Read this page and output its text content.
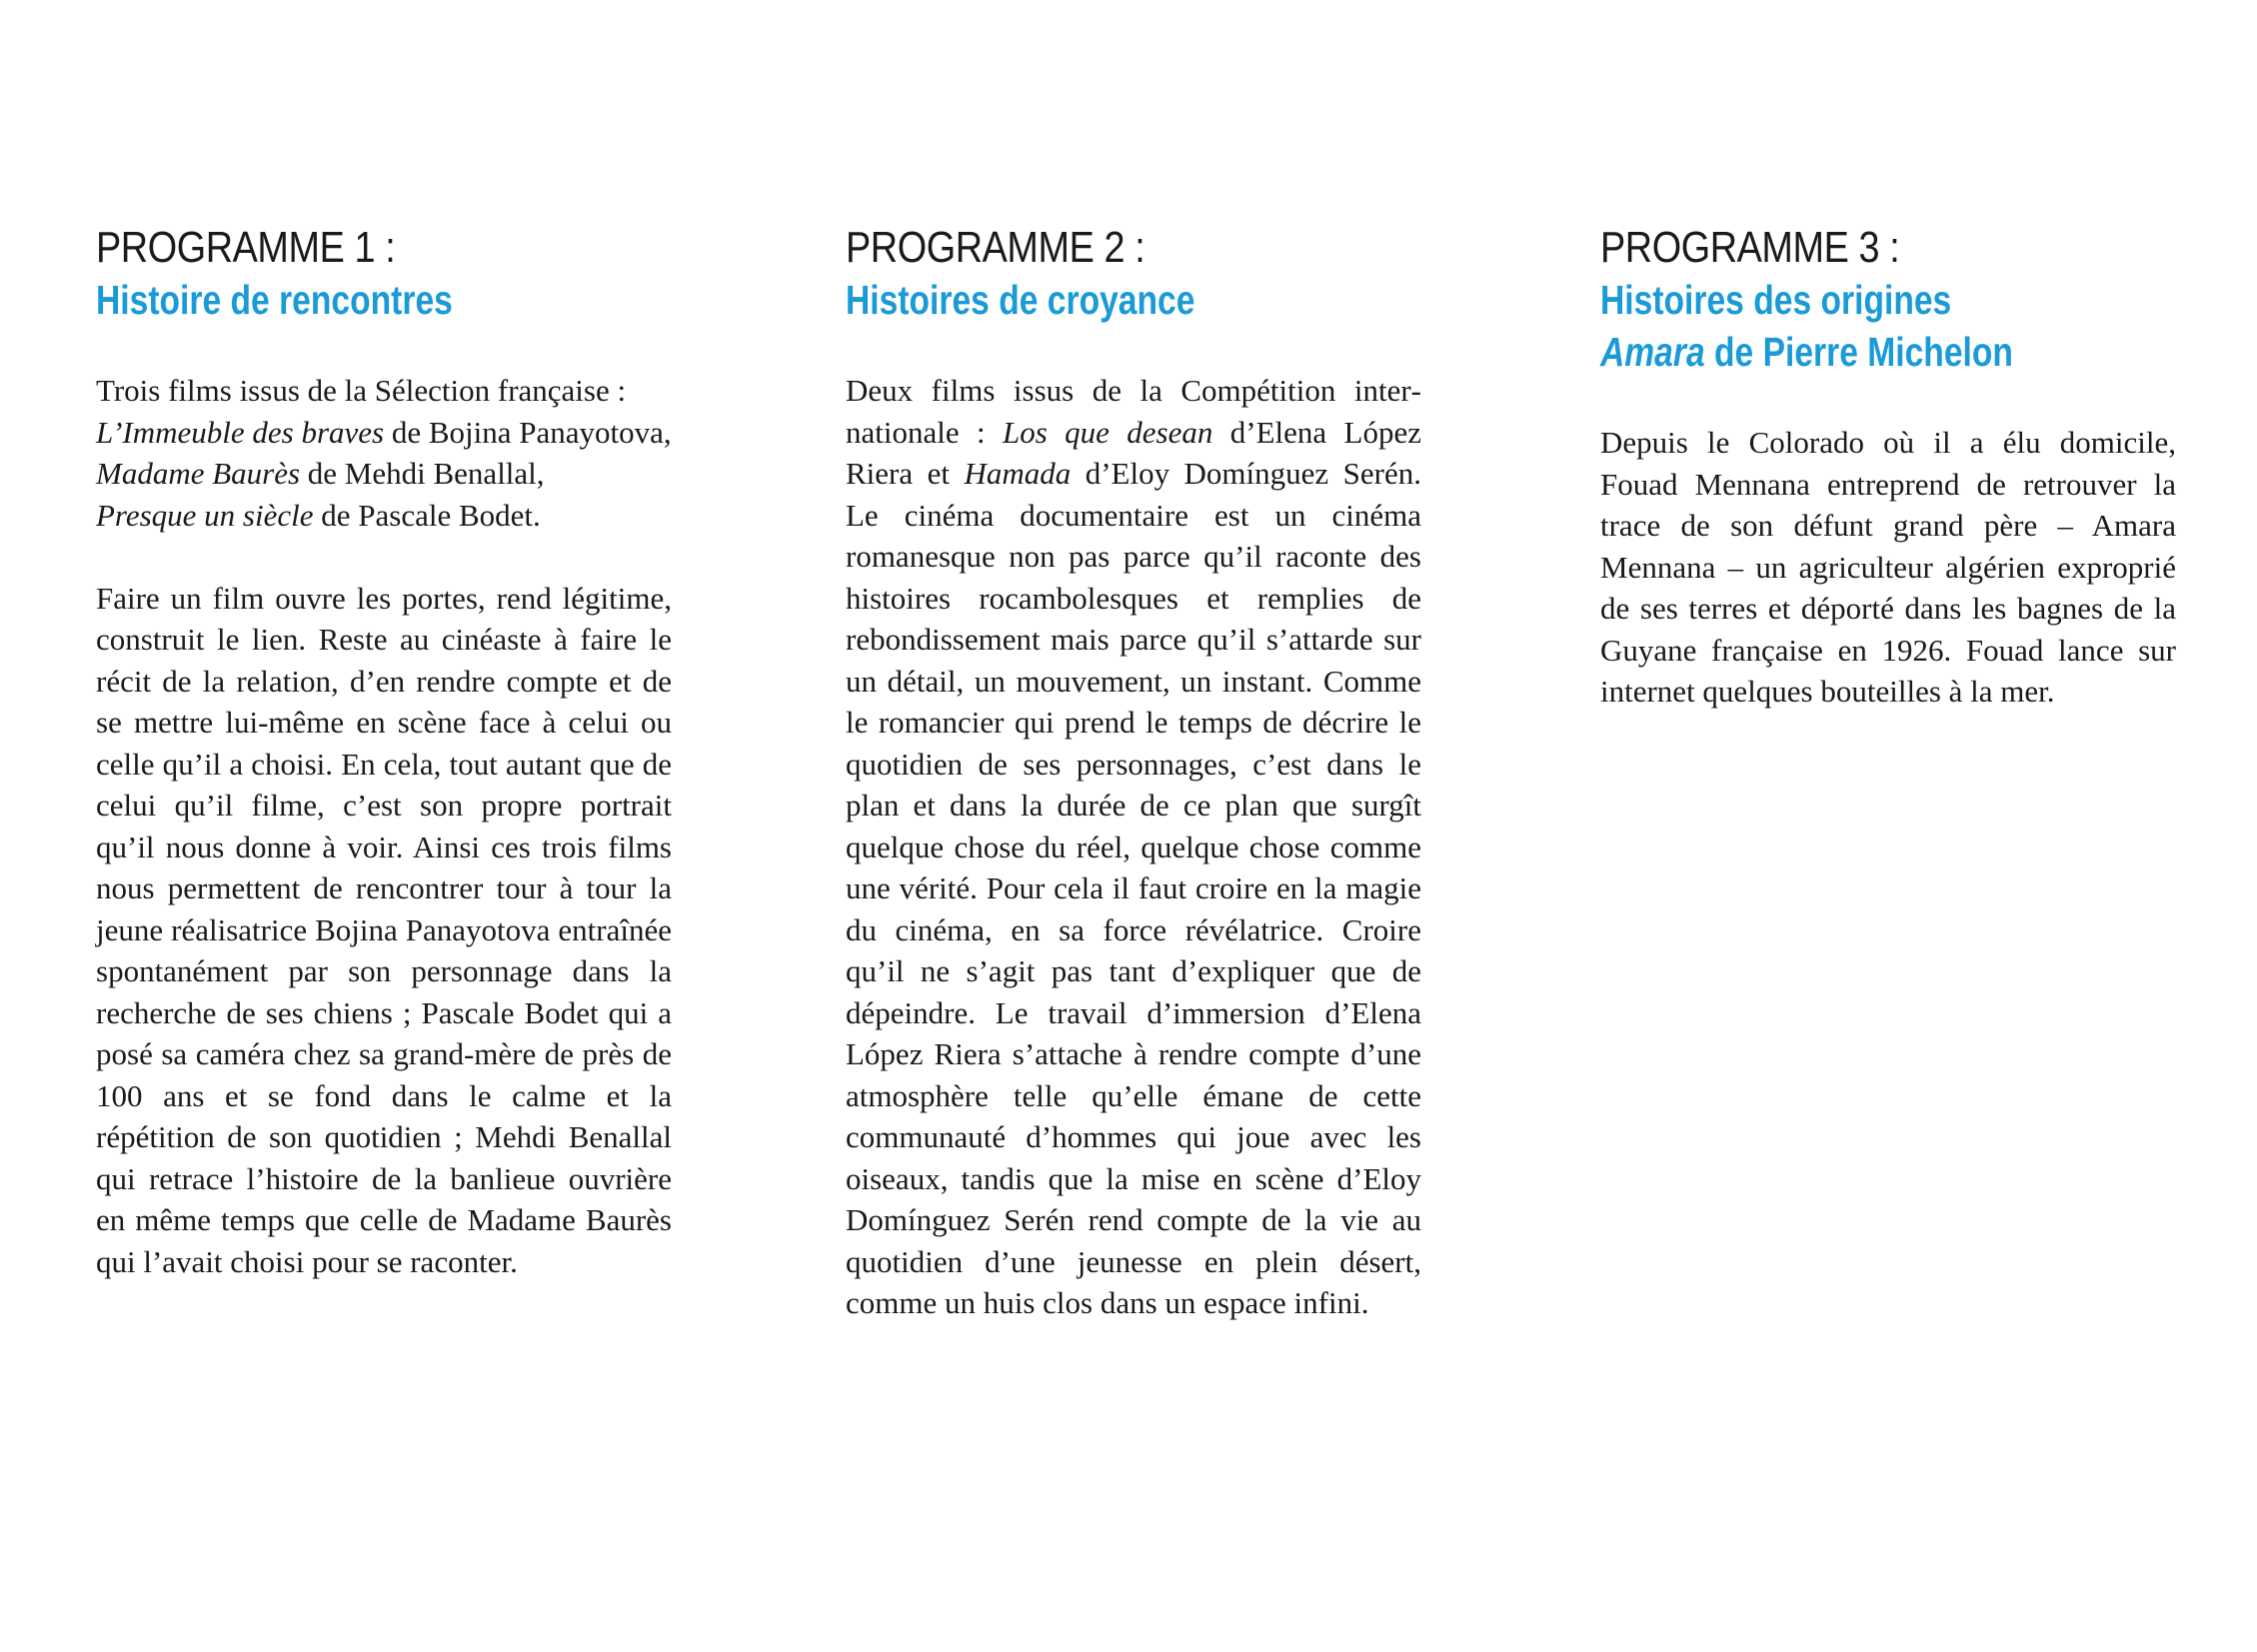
PROGRAMME 1 :
Histoire de rencontres

Trois films issus de la Sélection française :
L’Immeuble des braves de Bojina Panayotova,
Madame Baurès de Mehdi Benallal,
Presque un siècle de Pascale Bodet.

Faire un film ouvre les portes, rend légitime, construit le lien. Reste au cinéaste à faire le récit de la relation, d’en rendre compte et de se mettre lui-même en scène face à celui ou celle qu’il a choisi. En cela, tout autant que de celui qu’il filme, c’est son propre portrait qu’il nous donne à voir. Ainsi ces trois films nous permettent de rencontrer tour à tour la jeune réalisatrice Bojina Panayotova entraînée spontanément par son personnage dans la recherche de ses chiens ; Pascale Bodet qui a posé sa caméra chez sa grand-mère de près de 100 ans et se fond dans le calme et la répétition de son quotidien ; Mehdi Benallal qui retrace l’histoire de la banlieue ouvrière en même temps que celle de Madame Baurès qui l’avait choisi pour se raconter.

PROGRAMME 2 :
Histoires de croyance

Deux films issus de la Compétition internationale : Los que desean d’Elena López Riera et Hamada d’Eloy Domínguez Serén. Le cinéma documentaire est un cinéma romanesque non pas parce qu’il raconte des histoires rocambolesques et remplies de rebondissement mais parce qu’il s’attarde sur un détail, un mouvement, un instant. Comme le romancier qui prend le temps de décrire le quotidien de ses personnages, c’est dans le plan et dans la durée de ce plan que surgît quelque chose du réel, quelque chose comme une vérité. Pour cela il faut croire en la magie du cinéma, en sa force révélatrice. Croire qu’il ne s’agit pas tant d’expliquer que de dépeindre. Le travail d’immersion d’Elena López Riera s’attache à rendre compte d’une atmosphère telle qu’elle émane de cette communauté d’hommes qui joue avec les oiseaux, tandis que la mise en scène d’Eloy Domínguez Serén rend compte de la vie au quotidien d’une jeunesse en plein désert, comme un huis clos dans un espace infini.

PROGRAMME 3 :
Histoires des origines
Amara de Pierre Michelon

Depuis le Colorado où il a élu domicile, Fouad Mennana entreprend de retrouver la trace de son défunt grand père – Amara Mennana – un agriculteur algérien exproprié de ses terres et déporté dans les bagnes de la Guyane française en 1926. Fouad lance sur internet quelques bouteilles à la mer.
